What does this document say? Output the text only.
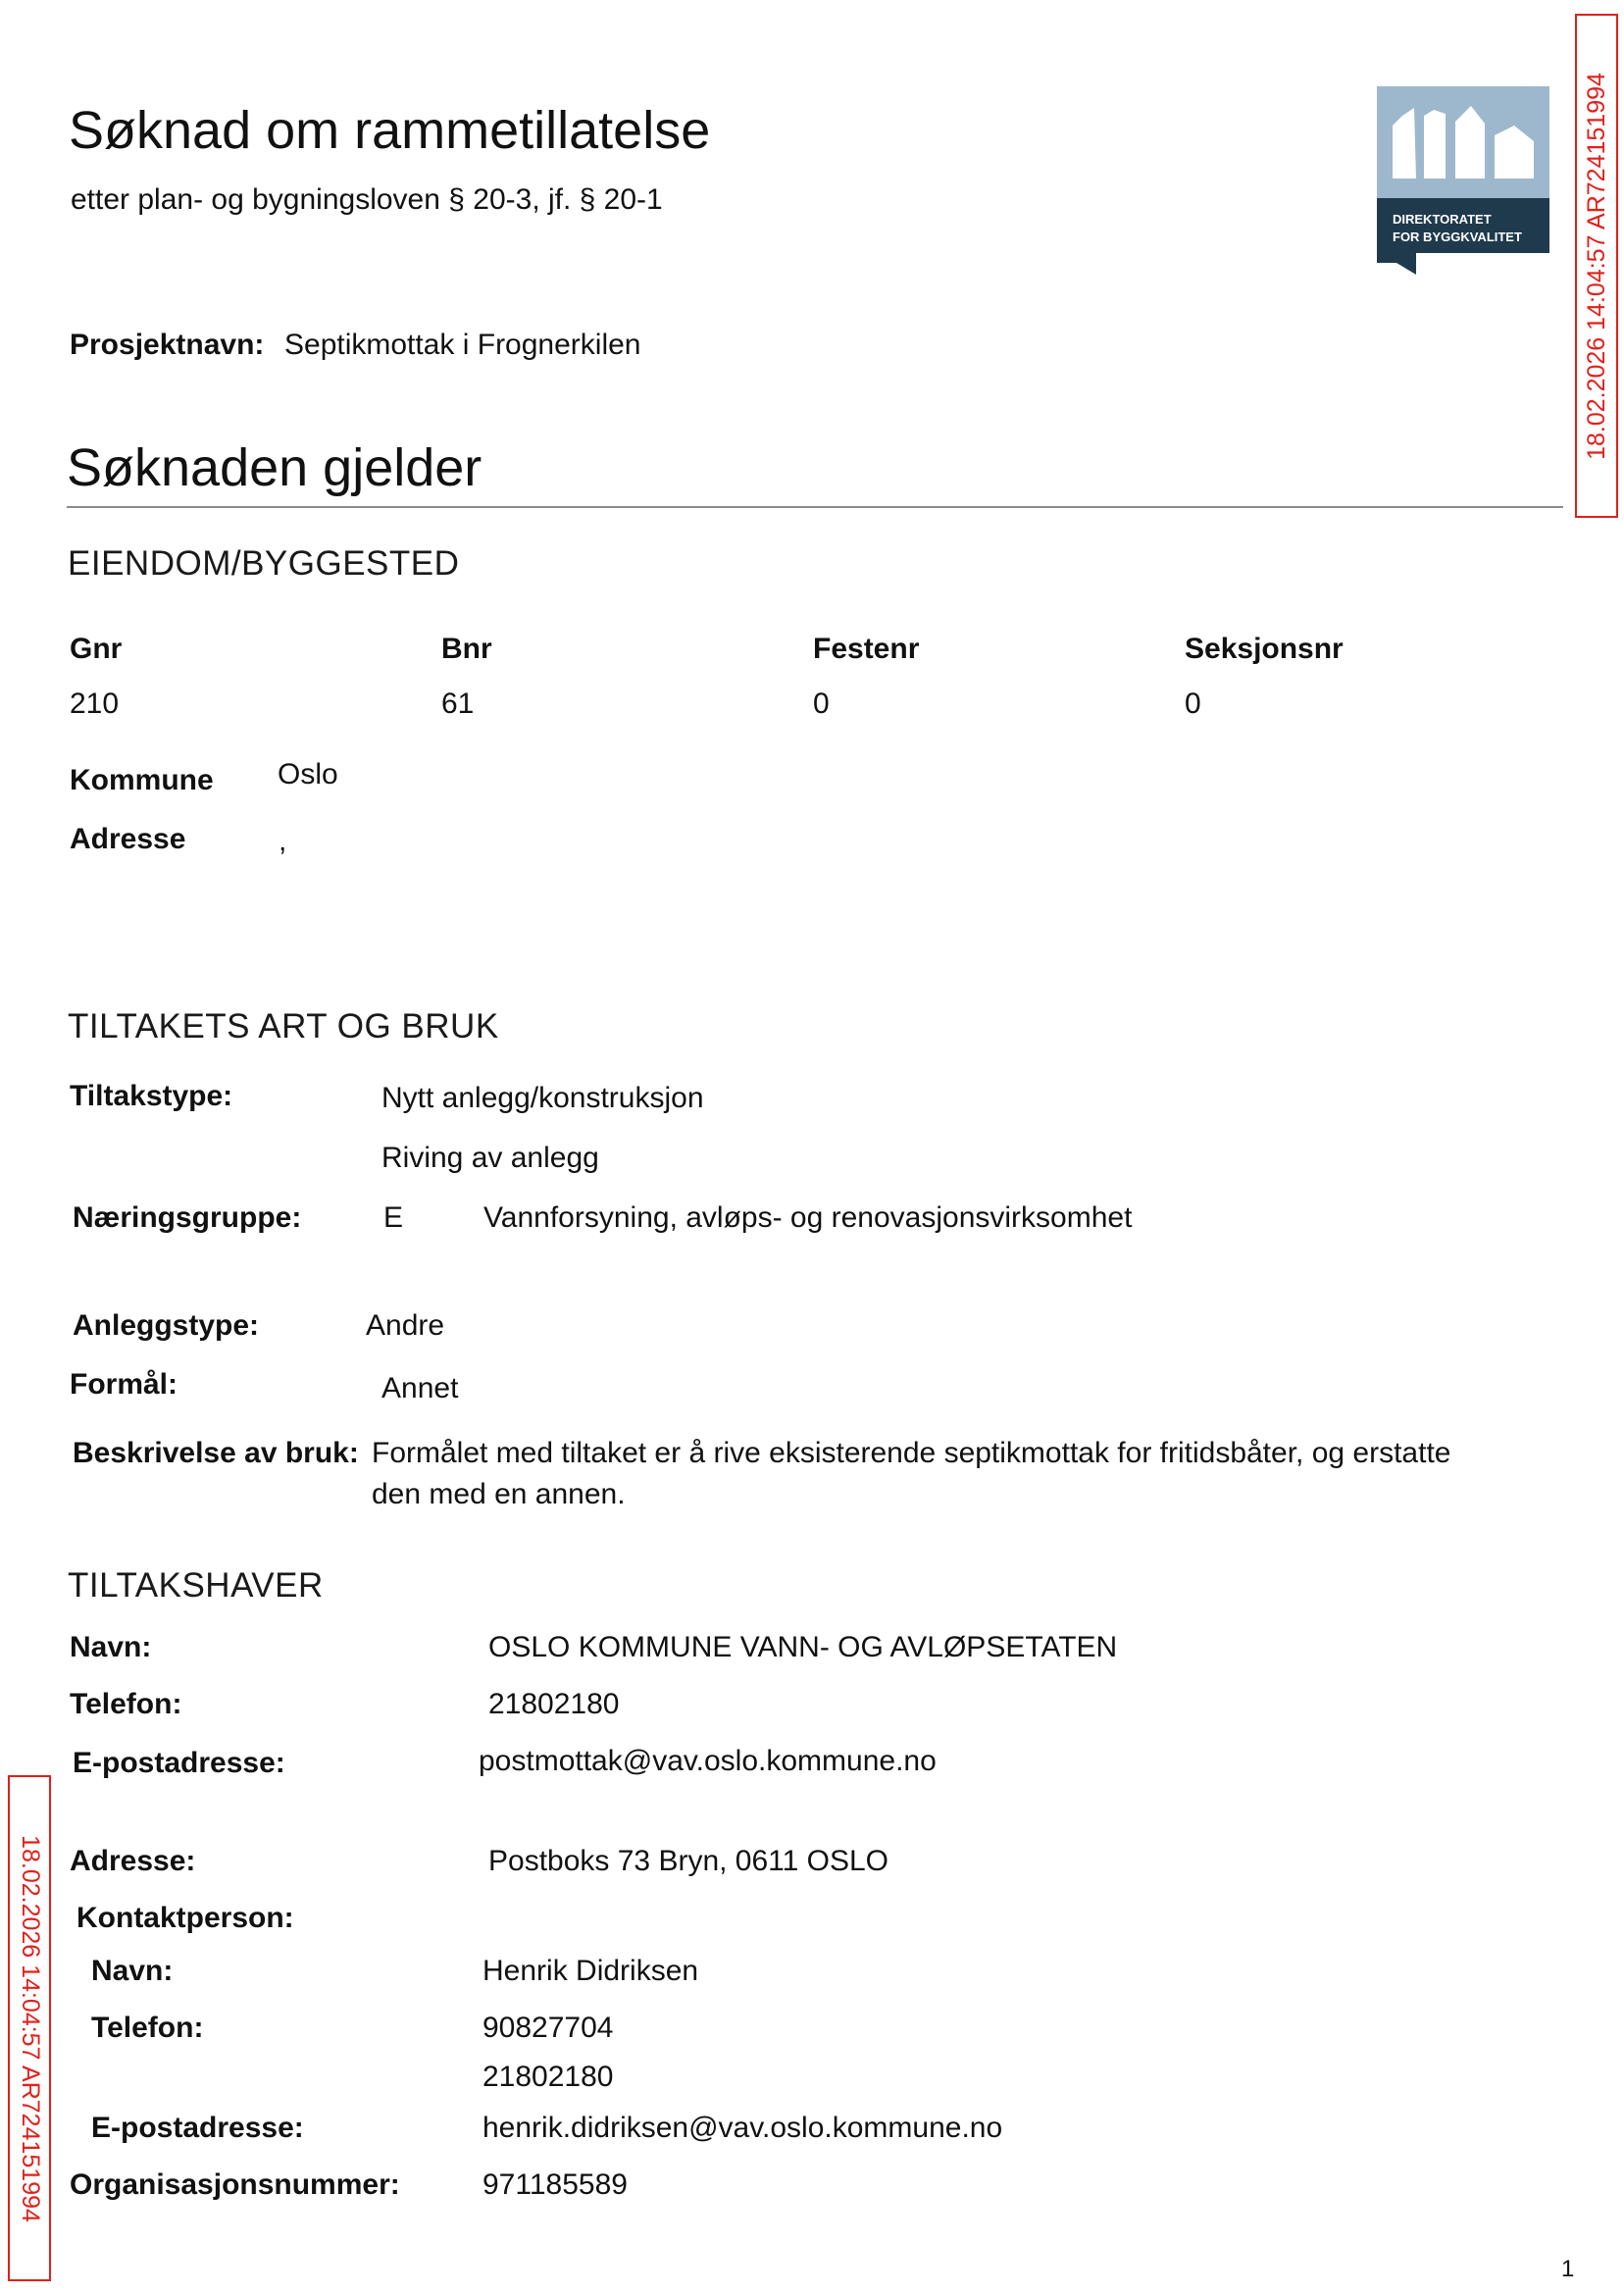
Søknad om rammetillatelse
etter plan- og bygningsloven § 20-3, jf. § 20-1
DIREKTORATET
FOR BYGGKVALITET
Prosjektnavn: Septikmottak i Frognerkilen
Søknaden gjelder
EIENDOM/BYGGESTED
Gnr	Bnr	Festenr	Seksjonsnr
210	61	0	0
Kommune Oslo
Adresse	,
TILTAKETS ART OG BRUK
Tiltakstype:	Nytt anlegg/konstruksjon
Riving av anlegg
Næringsgruppe:	E	Vannforsyning, avløps- og renovasjonsvirksomhet
Anleggstype:	Andre
Formål:	Annet
Beskrivelse av bruk: Formålet med tiltaket er å rive eksisterende septikmottak for fritidsbåter, og erstatte
den med en annen.
TILTAKSHAVER
Navn:	OSLO KOMMUNE VANN- OG AVLØPSETATEN
Telefon:	21802180
E-postadresse:	postmottak@vav.oslo.kommune.no
Adresse:	Postboks 73 Bryn, 0611 OSLO
Kontaktperson:
Navn:	Henrik Didriksen
Telefon:	90827704
21802180
E-postadresse:	henrik.didriksen@vav.oslo.kommune.no
Organisasjonsnummer:	971185589
18.02.2026 14:04:57 AR724151994
18.02.2026 14:04:57 AR724151994
1
